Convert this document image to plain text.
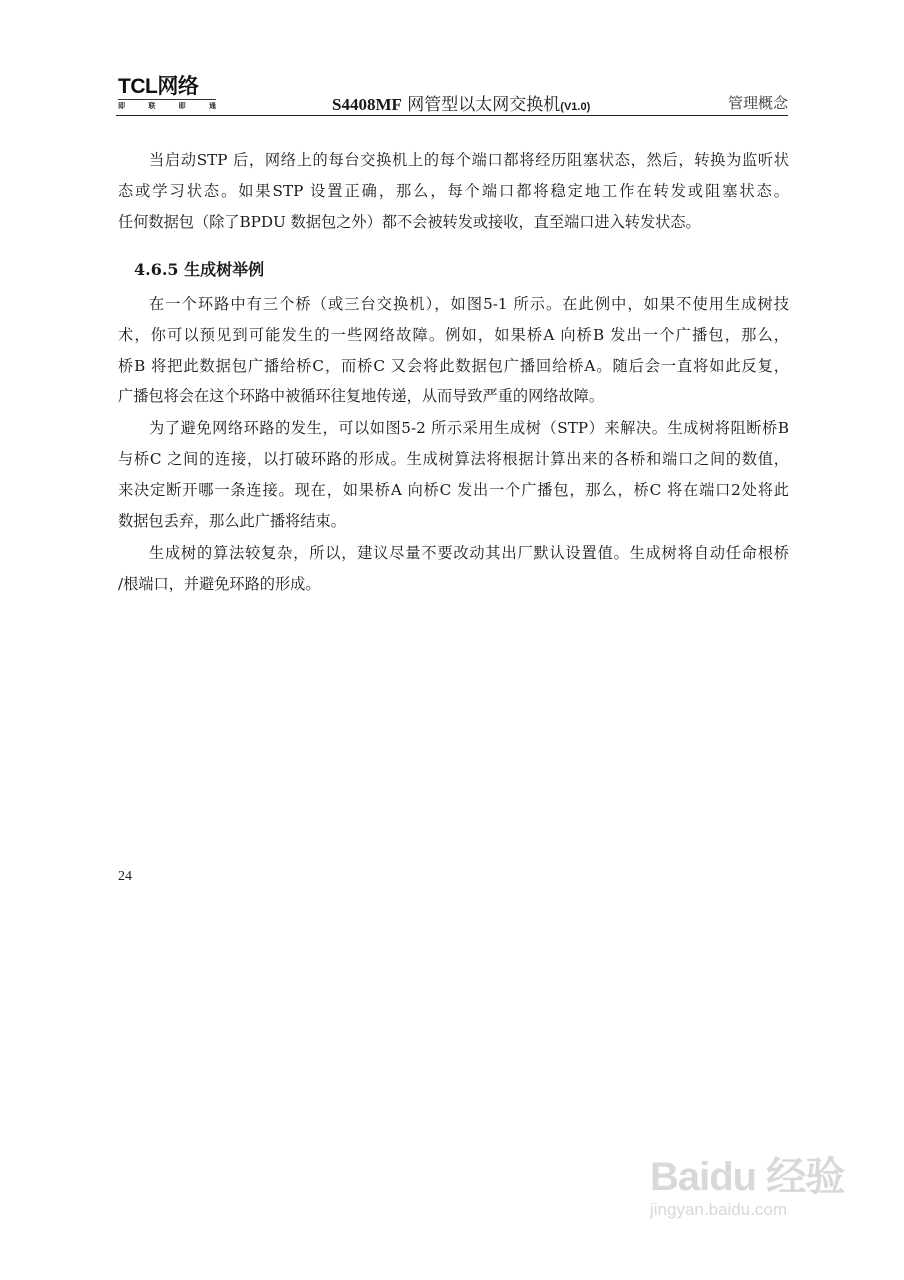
TCL网络
即	联	即	通	S4408MF 网管型以太网交换机(V1.0)	管理概念
当启动STP 后，网络上的每台交换机上的每个端口都将经历阻塞状态，然后，转换为监听状
态或学习状态。如果STP 设置正确，那么，每个端口都将稳定地工作在转发或阻塞状态。
任何数据包（除了BPDU 数据包之外）都不会被转发或接收，直至端口进入转发状态。
4.6.5 生成树举例
在一个环路中有三个桥（或三台交换机），如图5-1 所示。在此例中，如果不使用生成树技
术，你可以预见到可能发生的一些网络故障。例如，如果桥A 向桥B 发出一个广播包，那么，
桥B 将把此数据包广播给桥C，而桥C 又会将此数据包广播回给桥A。随后会一直将如此反复，
广播包将会在这个环路中被循环往复地传递，从而导致严重的网络故障。
为了避免网络环路的发生，可以如图5-2 所示采用生成树（STP）来解决。生成树将阻断桥B
与桥C 之间的连接，以打破环路的形成。生成树算法将根据计算出来的各桥和端口之间的数值，
来决定断开哪一条连接。现在，如果桥A 向桥C 发出一个广播包，那么，桥C 将在端口2处将此
数据包丢弃，那么此广播将结束。
生成树的算法较复杂，所以，建议尽量不要改动其出厂默认设置值。生成树将自动任命根桥
/根端口，并避免环路的形成。
24
Baidu 经验
jingyan.baidu.com
